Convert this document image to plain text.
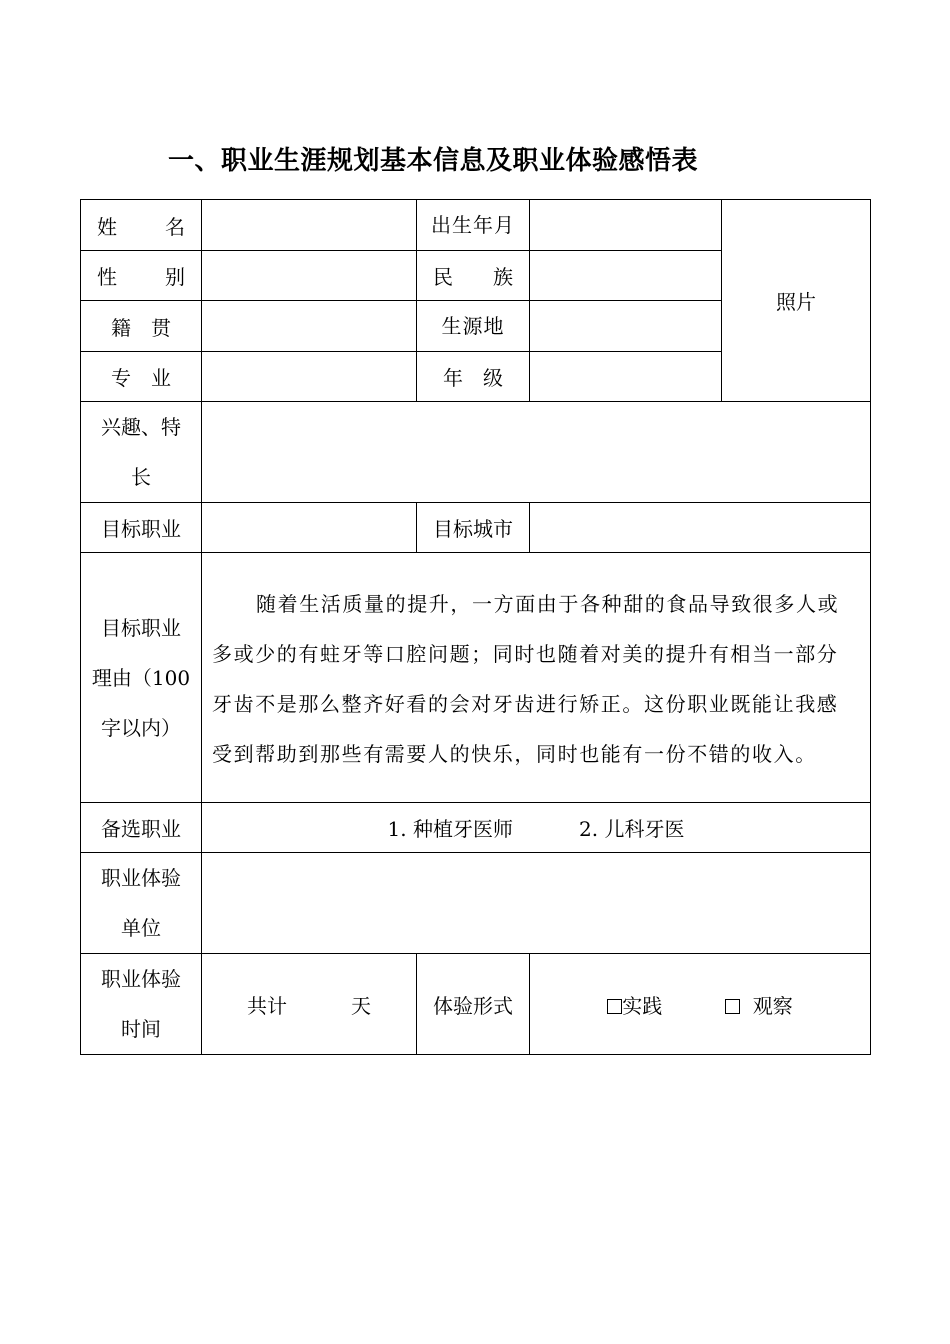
一、职业生涯规划基本信息及职业体验感悟表
姓 名		出生年月		照片

性 别		民 族		

籍 贯		生源地		

专 业		年 级		

兴趣、特
长				

目标职业		目标城市		

目标职业
理由（100
字以内）	随着生活质量的提升，一方面由于各种甜的食品导致很多人或多或少的有蛀牙等口腔问题；同时也随着对美的提升有相当一部分牙齿不是那么整齐好看的会对牙齿进行矫正。这份职业既能让我感受到帮助到那些有需要人的快乐，同时也能有一份不错的收入。			

备选职业	1. 种植牙医师 2. 儿科牙医			

职业体验
单位				

职业体验
时间	共计 天	体验形式	实践 观察	
